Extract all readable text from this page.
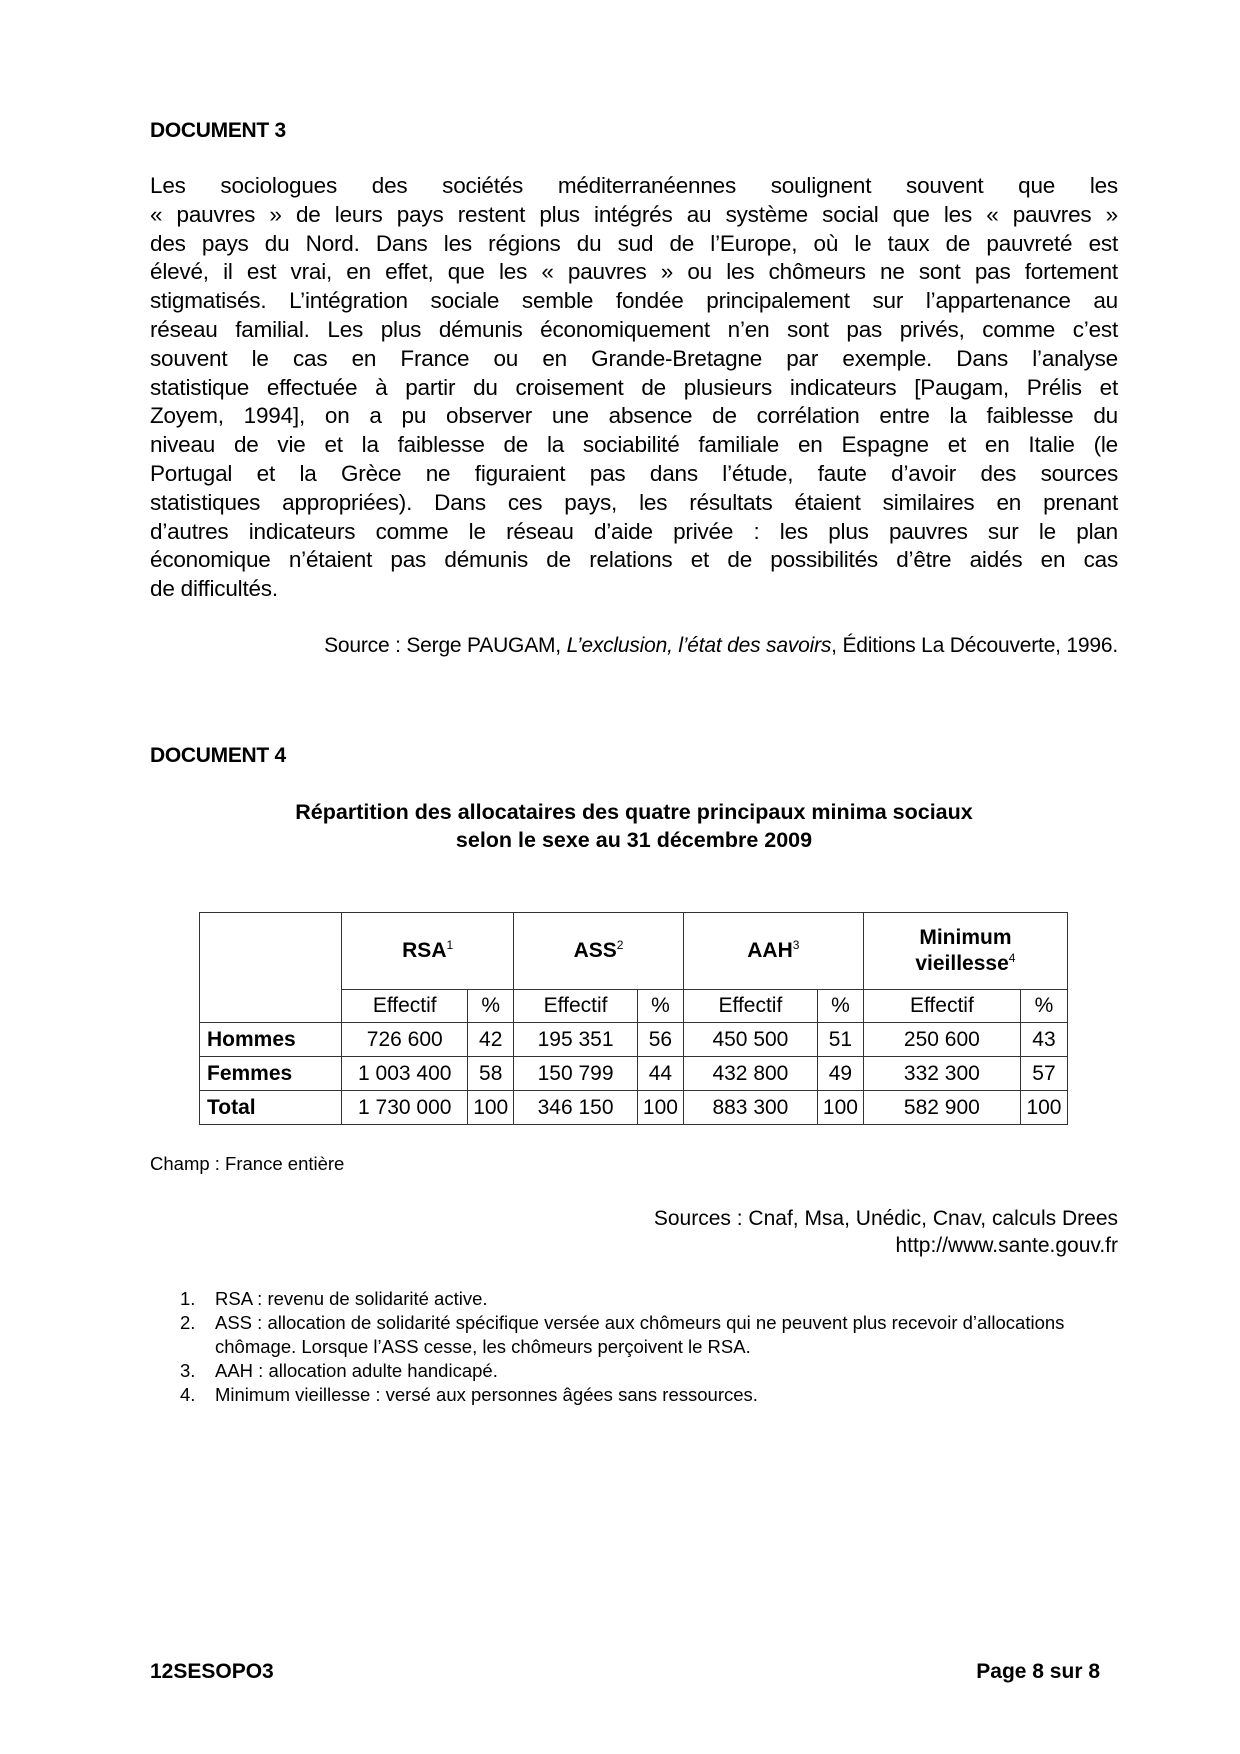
DOCUMENT 3
Les sociologues des sociétés méditerranéennes soulignent souvent que les
« pauvres » de leurs pays restent plus intégrés au système social que les « pauvres »
des pays du Nord. Dans les régions du sud de l’Europe, où le taux de pauvreté est
élevé, il est vrai, en effet, que les « pauvres » ou les chômeurs ne sont pas fortement
stigmatisés. L’intégration sociale semble fondée principalement sur l’appartenance au
réseau familial. Les plus démunis économiquement n’en sont pas privés, comme c’est
souvent le cas en France ou en Grande-Bretagne par exemple. Dans l’analyse
statistique effectuée à partir du croisement de plusieurs indicateurs [Paugam, Prélis et
Zoyem, 1994], on a pu observer une absence de corrélation entre la faiblesse du
niveau de vie et la faiblesse de la sociabilité familiale en Espagne et en Italie (le
Portugal et la Grèce ne figuraient pas dans l’étude, faute d’avoir des sources
statistiques appropriées). Dans ces pays, les résultats étaient similaires en prenant
d’autres indicateurs comme le réseau d’aide privée : les plus pauvres sur le plan
économique n’étaient pas démunis de relations et de possibilités d’être aidés en cas
de difficultés.
Source : Serge PAUGAM, L’exclusion, l’état des savoirs, Éditions La Découverte, 1996.
DOCUMENT 4
Répartition des allocataires des quatre principaux minima sociaux
selon le sexe au 31 décembre 2009
	RSA$^1$		ASS$^2$		AAH$^3$		Minimum
vieillesse$^4$
	Effectif	%	Effectif	%	Effectif	%	Effectif	%
Hommes	726 600	42	195 351	56	450 500	51	250 600	43
Femmes	1 003 400	58	150 799	44	432 800	49	332 300	57
Total	1 730 000	100	346 150	100	883 300	100	582 900	100
Champ : France entière
Sources : Cnaf, Msa, Unédic, Cnav, calculs Drees
http://www.sante.gouv.fr
1.	RSA : revenu de solidarité active.
2.	ASS : allocation de solidarité spécifique versée aux chômeurs qui ne peuvent plus recevoir d’allocations chômage. Lorsque l’ASS cesse, les chômeurs perçoivent le RSA.
3.	AAH : allocation adulte handicapé.
4.	Minimum vieillesse : versé aux personnes âgées sans ressources.
12SESOPO3	Page 8 sur 8
